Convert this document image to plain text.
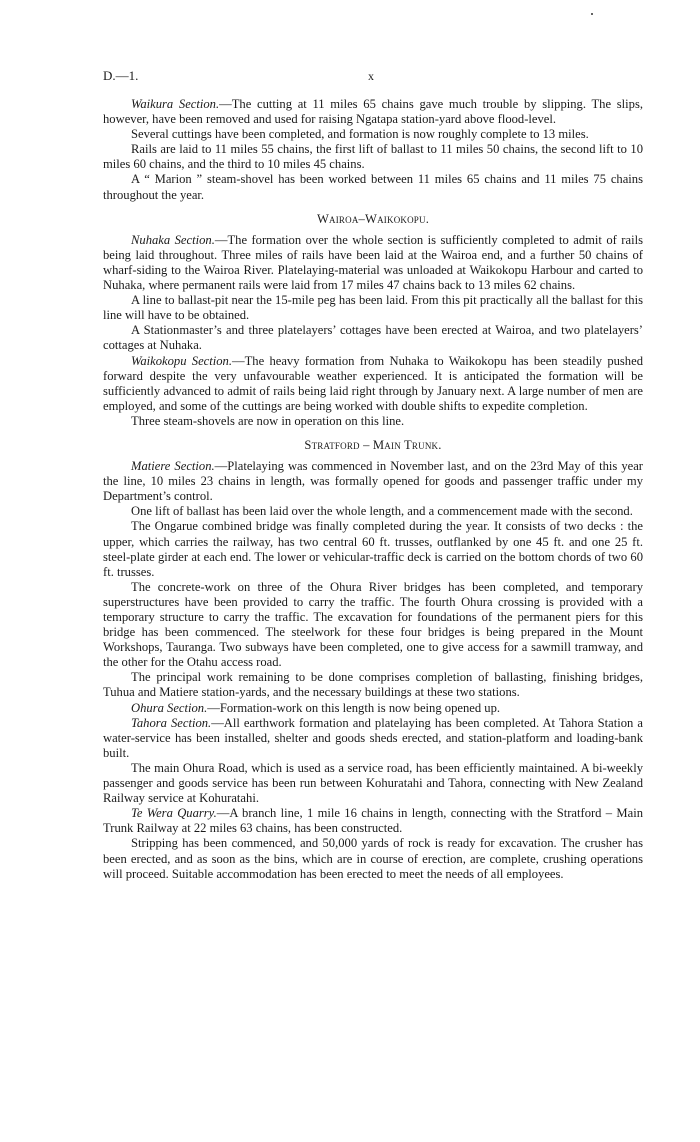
D.—1.	x

Waikura Section.—The cutting at 11 miles 65 chains gave much trouble by slipping. The slips, however, have been removed and used for raising Ngatapa station-yard above flood-level.

Several cuttings have been completed, and formation is now roughly complete to 13 miles.

Rails are laid to 11 miles 55 chains, the first lift of ballast to 11 miles 50 chains, the second lift to 10 miles 60 chains, and the third to 10 miles 45 chains.

A “ Marion ” steam-shovel has been worked between 11 miles 65 chains and 11 miles 75 chains throughout the year.

Wairoa–Waikokopu.

Nuhaka Section.—The formation over the whole section is sufficiently completed to admit of rails being laid throughout. Three miles of rails have been laid at the Wairoa end, and a further 50 chains of wharf-siding to the Wairoa River. Platelaying-material was unloaded at Waikokopu Harbour and carted to Nuhaka, where permanent rails were laid from 17 miles 47 chains back to 13 miles 62 chains.

A line to ballast-pit near the 15-mile peg has been laid. From this pit practically all the ballast for this line will have to be obtained.

A Stationmaster’s and three platelayers’ cottages have been erected at Wairoa, and two platelayers’ cottages at Nuhaka.

Waikokopu Section.—The heavy formation from Nuhaka to Waikokopu has been steadily pushed forward despite the very unfavourable weather experienced. It is anticipated the formation will be sufficiently advanced to admit of rails being laid right through by January next. A large number of men are employed, and some of the cuttings are being worked with double shifts to expedite completion.

Three steam-shovels are now in operation on this line.

Stratford – Main Trunk.

Matiere Section.—Platelaying was commenced in November last, and on the 23rd May of this year the line, 10 miles 23 chains in length, was formally opened for goods and passenger traffic under my Department’s control.

One lift of ballast has been laid over the whole length, and a commencement made with the second.

The Ongarue combined bridge was finally completed during the year. It consists of two decks : the upper, which carries the railway, has two central 60 ft. trusses, outflanked by one 45 ft. and one 25 ft. steel-plate girder at each end. The lower or vehicular-traffic deck is carried on the bottom chords of two 60 ft. trusses.

The concrete-work on three of the Ohura River bridges has been completed, and temporary superstructures have been provided to carry the traffic. The fourth Ohura crossing is provided with a temporary structure to carry the traffic. The excavation for foundations of the permanent piers for this bridge has been commenced. The steelwork for these four bridges is being prepared in the Mount Workshops, Tauranga. Two subways have been completed, one to give access for a sawmill tramway, and the other for the Otahu access road.

The principal work remaining to be done comprises completion of ballasting, finishing bridges, Tuhua and Matiere station-yards, and the necessary buildings at these two stations.

Ohura Section.—Formation-work on this length is now being opened up.

Tahora Section.—All earthwork formation and platelaying has been completed. At Tahora Station a water-service has been installed, shelter and goods sheds erected, and station-platform and loading-bank built.

The main Ohura Road, which is used as a service road, has been efficiently maintained. A bi-weekly passenger and goods service has been run between Kohuratahi and Tahora, connecting with New Zealand Railway service at Kohuratahi.

Te Wera Quarry.—A branch line, 1 mile 16 chains in length, connecting with the Stratford – Main Trunk Railway at 22 miles 63 chains, has been constructed.

Stripping has been commenced, and 50,000 yards of rock is ready for excavation. The crusher has been erected, and as soon as the bins, which are in course of erection, are complete, crushing operations will proceed. Suitable accommodation has been erected to meet the needs of all employees.
